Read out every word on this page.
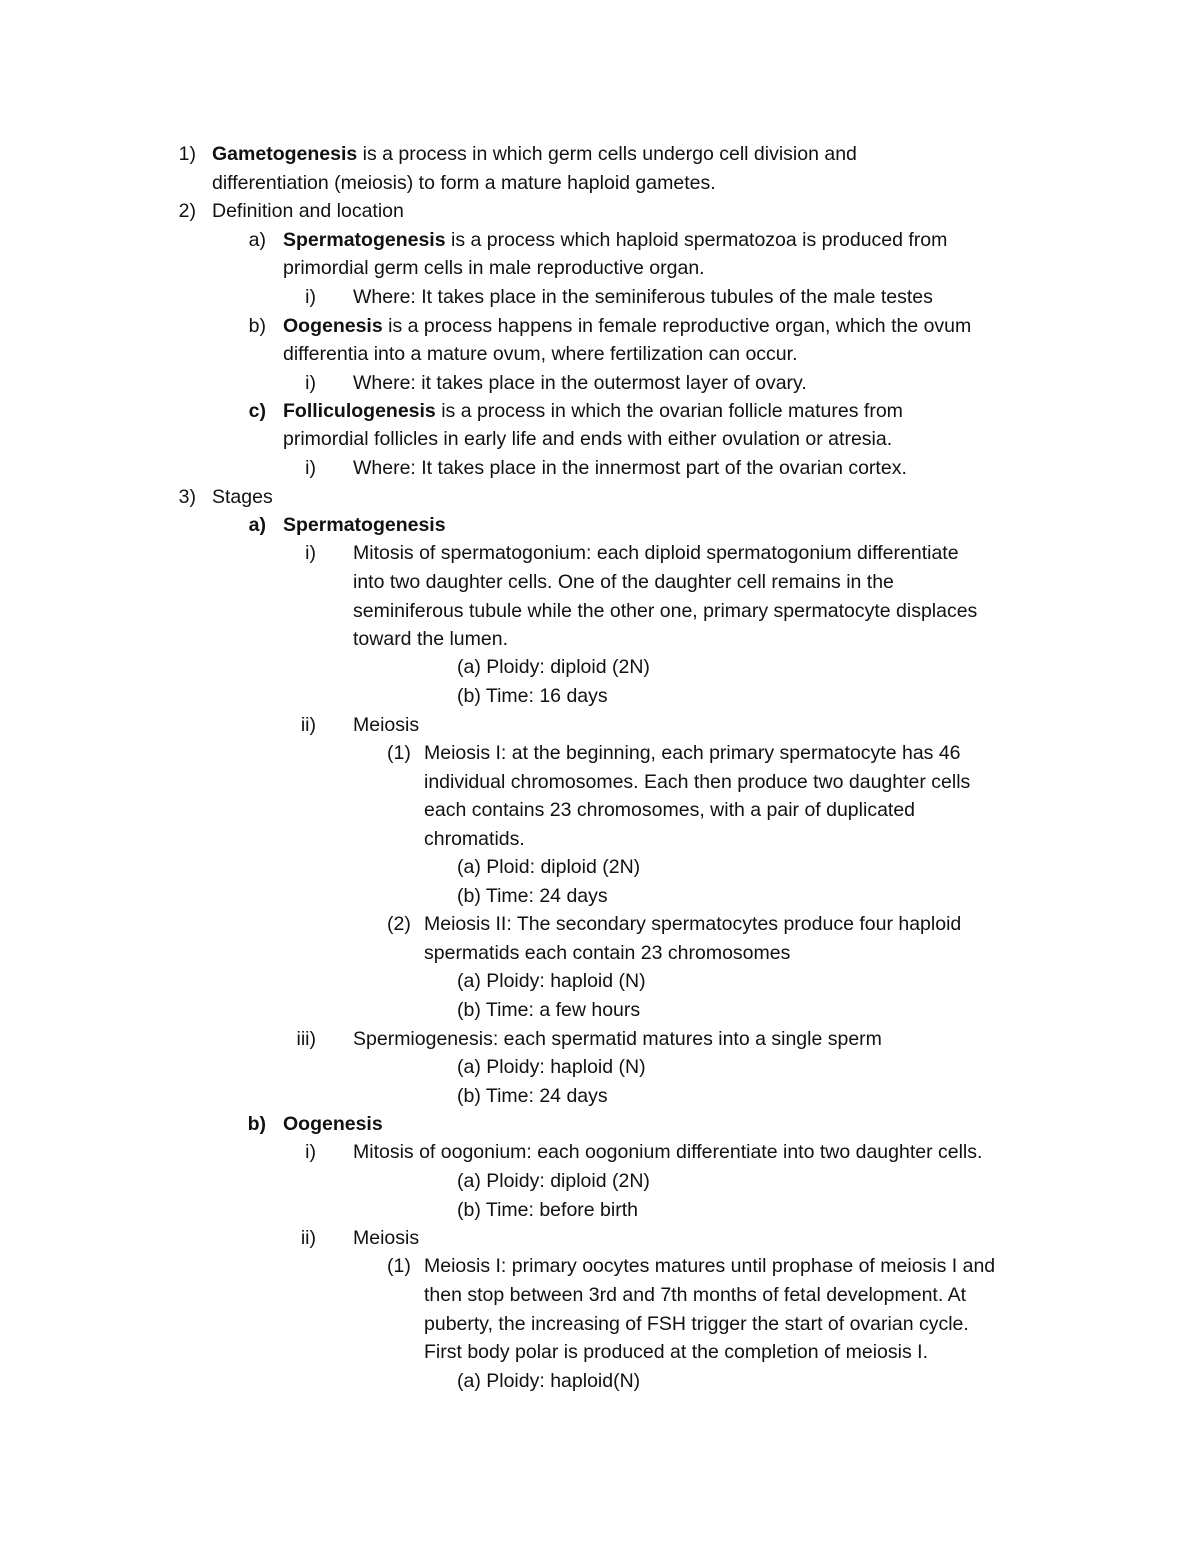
1) Gametogenesis is a process in which germ cells undergo cell division and
differentiation (meiosis) to form a mature haploid gametes.
2) Definition and location
a) Spermatogenesis is a process which haploid spermatozoa is produced from
primordial germ cells in male reproductive organ.
i) Where: It takes place in the seminiferous tubules of the male testes
b) Oogenesis is a process happens in female reproductive organ, which the ovum
differentia into a mature ovum, where fertilization can occur.
i) Where: it takes place in the outermost layer of ovary.
c) Folliculogenesis is a process in which the ovarian follicle matures from
primordial follicles in early life and ends with either ovulation or atresia.
i) Where: It takes place in the innermost part of the ovarian cortex.
3) Stages
a) Spermatogenesis
i) Mitosis of spermatogonium: each diploid spermatogonium differentiate
into two daughter cells. One of the daughter cell remains in the
seminiferous tubule while the other one, primary spermatocyte displaces
toward the lumen.
(a) Ploidy: diploid (2N)
(b) Time: 16 days
ii) Meiosis
(1) Meiosis I: at the beginning, each primary spermatocyte has 46
individual chromosomes. Each then produce two daughter cells
each contains 23 chromosomes, with a pair of duplicated
chromatids.
(a) Ploid: diploid (2N)
(b) Time: 24 days
(2) Meiosis II: The secondary spermatocytes produce four haploid
spermatids each contain 23 chromosomes
(a) Ploidy: haploid (N)
(b) Time: a few hours
iii) Spermiogenesis: each spermatid matures into a single sperm
(a) Ploidy: haploid (N)
(b) Time: 24 days
b) Oogenesis
i) Mitosis of oogonium: each oogonium differentiate into two daughter cells.
(a) Ploidy: diploid (2N)
(b) Time: before birth
ii) Meiosis
(1) Meiosis I: primary oocytes matures until prophase of meiosis I and
then stop between 3rd and 7th months of fetal development. At
puberty, the increasing of FSH trigger the start of ovarian cycle.
First body polar is produced at the completion of meiosis I.
(a) Ploidy: haploid(N)
